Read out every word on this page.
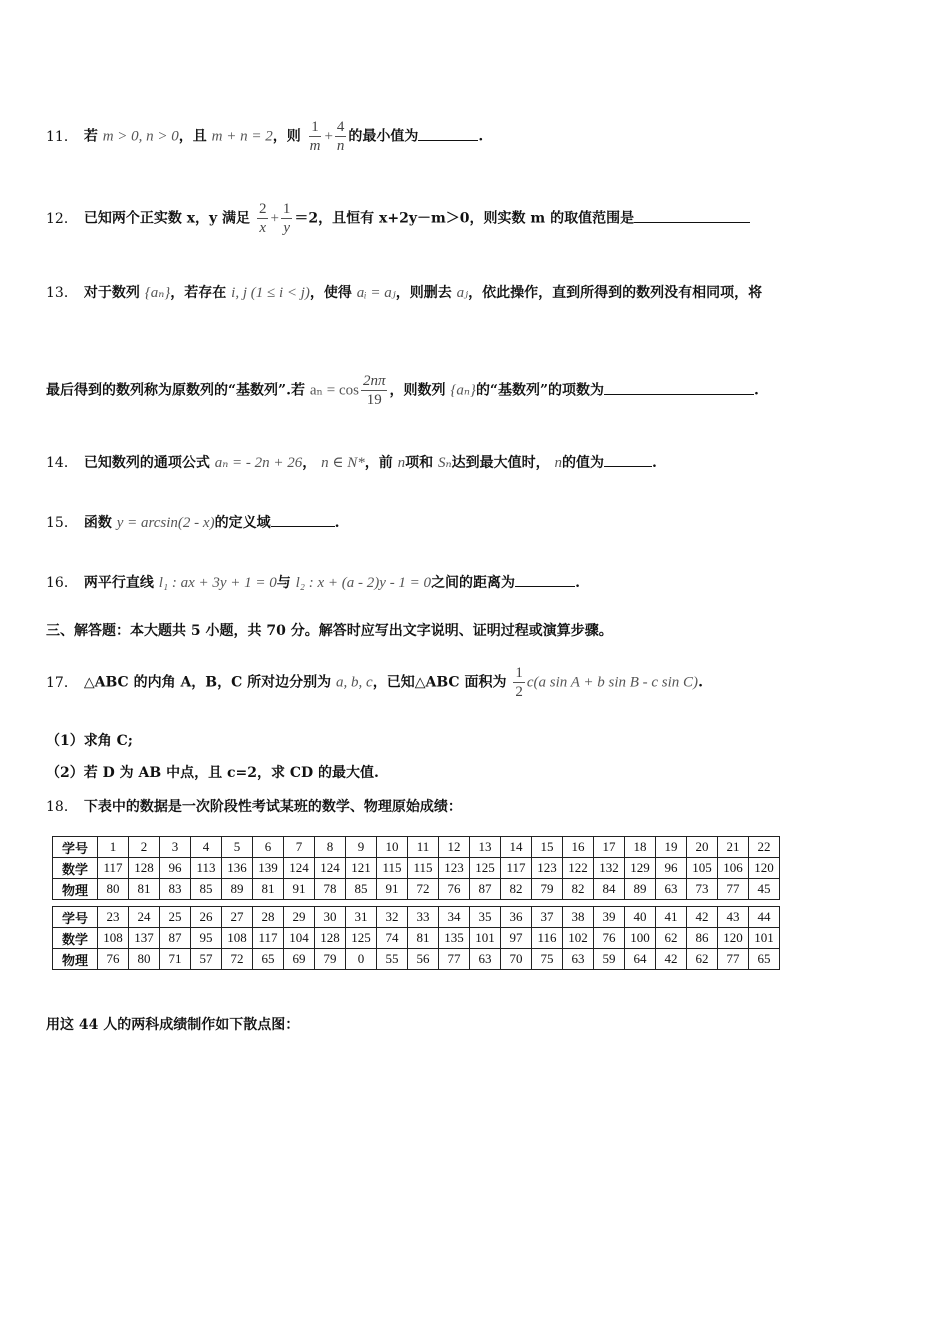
11． 若 m > 0, n > 0，且 m + n = 2，则 $\frac{1}{m} + \frac{4}{n}$ 的最小值为	.
12． 已知两个正实数 x，y 满足 $\frac{2}{x} + \frac{1}{y} =2$，且恒有 x+2y－m＞0，则实数 m 的取值范围是
13． 对于数列 {aₙ}，若存在 i, j (1 ≤ i < j)，使得 aᵢ = aⱼ，则删去 aⱼ，依此操作，直到所得到的数列没有相同项，将
最后得到的数列称为原数列的“基数列”.若 $a_n = \cos \frac{2n\pi}{19}$ ，则数列 {aₙ}的“基数列”的项数为	.
14． 已知数列的通项公式 aₙ = - 2n + 26， n ∈ N*，前 n项和 Sₙ达到最大值时， n的值为	.
15． 函数 y = arcsin(2 - x)的定义域	.
16． 两平行直线 l₁ : ax + 3y + 1 = 0与 l₂ : x + (a - 2)y - 1 = 0之间的距离为	.
三、解答题：本大题共 5 小题，共 70 分。解答时应写出文字说明、证明过程或演算步骤。
17． △ABC 的内角 A，B，C 所对边分别为 a, b, c，已知△ABC 面积为 $\frac{1}{2} c(a$ sin A + b sin B - c sin C).
（1）求角 C;
（2）若 D 为 AB 中点，且 c=2，求 CD 的最大值.
18． 下表中的数据是一次阶段性考试某班的数学、物理原始成绩：
学号	1	2	3	4	5	6	7	8	9	10	11	12	13	14	15	16	17	18	19	20	21	22
数学	117	128	96	113	136	139	124	124	121	115	115	123	125	117	123	122	132	129	96	105	106	120
物理	80	81	83	85	89	81	91	78	85	91	72	76	87	82	79	82	84	89	63	73	77	45
学号	23	24	25	26	27	28	29	30	31	32	33	34	35	36	37	38	39	40	41	42	43	44
数学	108	137	87	95	108	117	104	128	125	74	81	135	101	97	116	102	76	100	62	86	120	101
物理	76	80	71	57	72	65	69	79	0	55	56	77	63	70	75	63	59	64	42	62	77	65
用这 44 人的两科成绩制作如下散点图：
